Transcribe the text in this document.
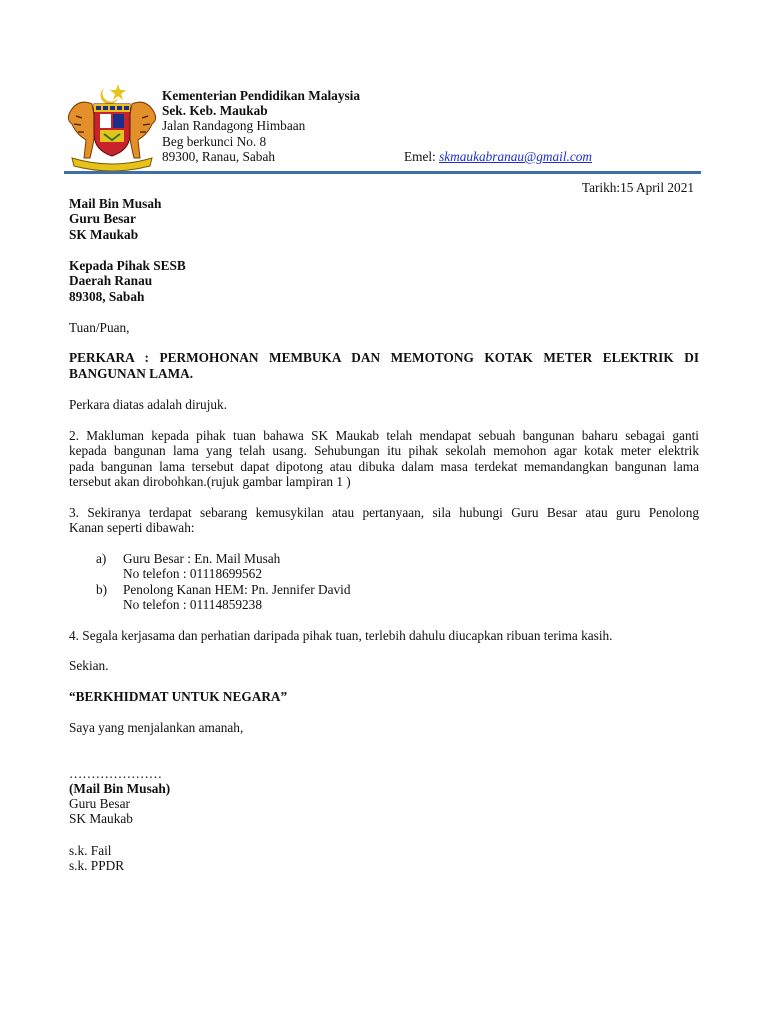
Kementerian Pendidikan Malaysia
Sek. Keb. Maukab
Jalan Randagong Himbaan
Beg berkunci No. 8
89300, Ranau, Sabah	Emel: skmaukabranau@gmail.com
Tarikh:15 April 2021
Mail Bin Musah
Guru Besar
SK Maukab
Kepada Pihak SESB
Daerah Ranau
89308, Sabah
Tuan/Puan,
PERKARA : PERMOHONAN MEMBUKA DAN MEMOTONG KOTAK METER ELEKTRIK DI
BANGUNAN LAMA.
Perkara diatas adalah dirujuk.
2. Makluman kepada pihak tuan bahawa SK Maukab telah mendapat sebuah bangunan baharu sebagai ganti
kepada bangunan lama yang telah usang. Sehubungan itu pihak sekolah memohon agar kotak meter elektrik
pada bangunan lama tersebut dapat dipotong atau dibuka dalam masa terdekat memandangkan bangunan lama
tersebut akan dirobohkan.(rujuk gambar lampiran 1 )
3. Sekiranya terdapat sebarang kemusykilan atau pertanyaan, sila hubungi Guru Besar atau guru Penolong
Kanan seperti dibawah:
a) Guru Besar : En. Mail Musah
No telefon : 01118699562
b) Penolong Kanan HEM: Pn. Jennifer David
No telefon : 01114859238
4. Segala kerjasama dan perhatian daripada pihak tuan, terlebih dahulu diucapkan ribuan terima kasih.
Sekian.
“BERKHIDMAT UNTUK NEGARA”
Saya yang menjalankan amanah,
…………………
(Mail Bin Musah)
Guru Besar
SK Maukab
s.k. Fail
s.k. PPDR
